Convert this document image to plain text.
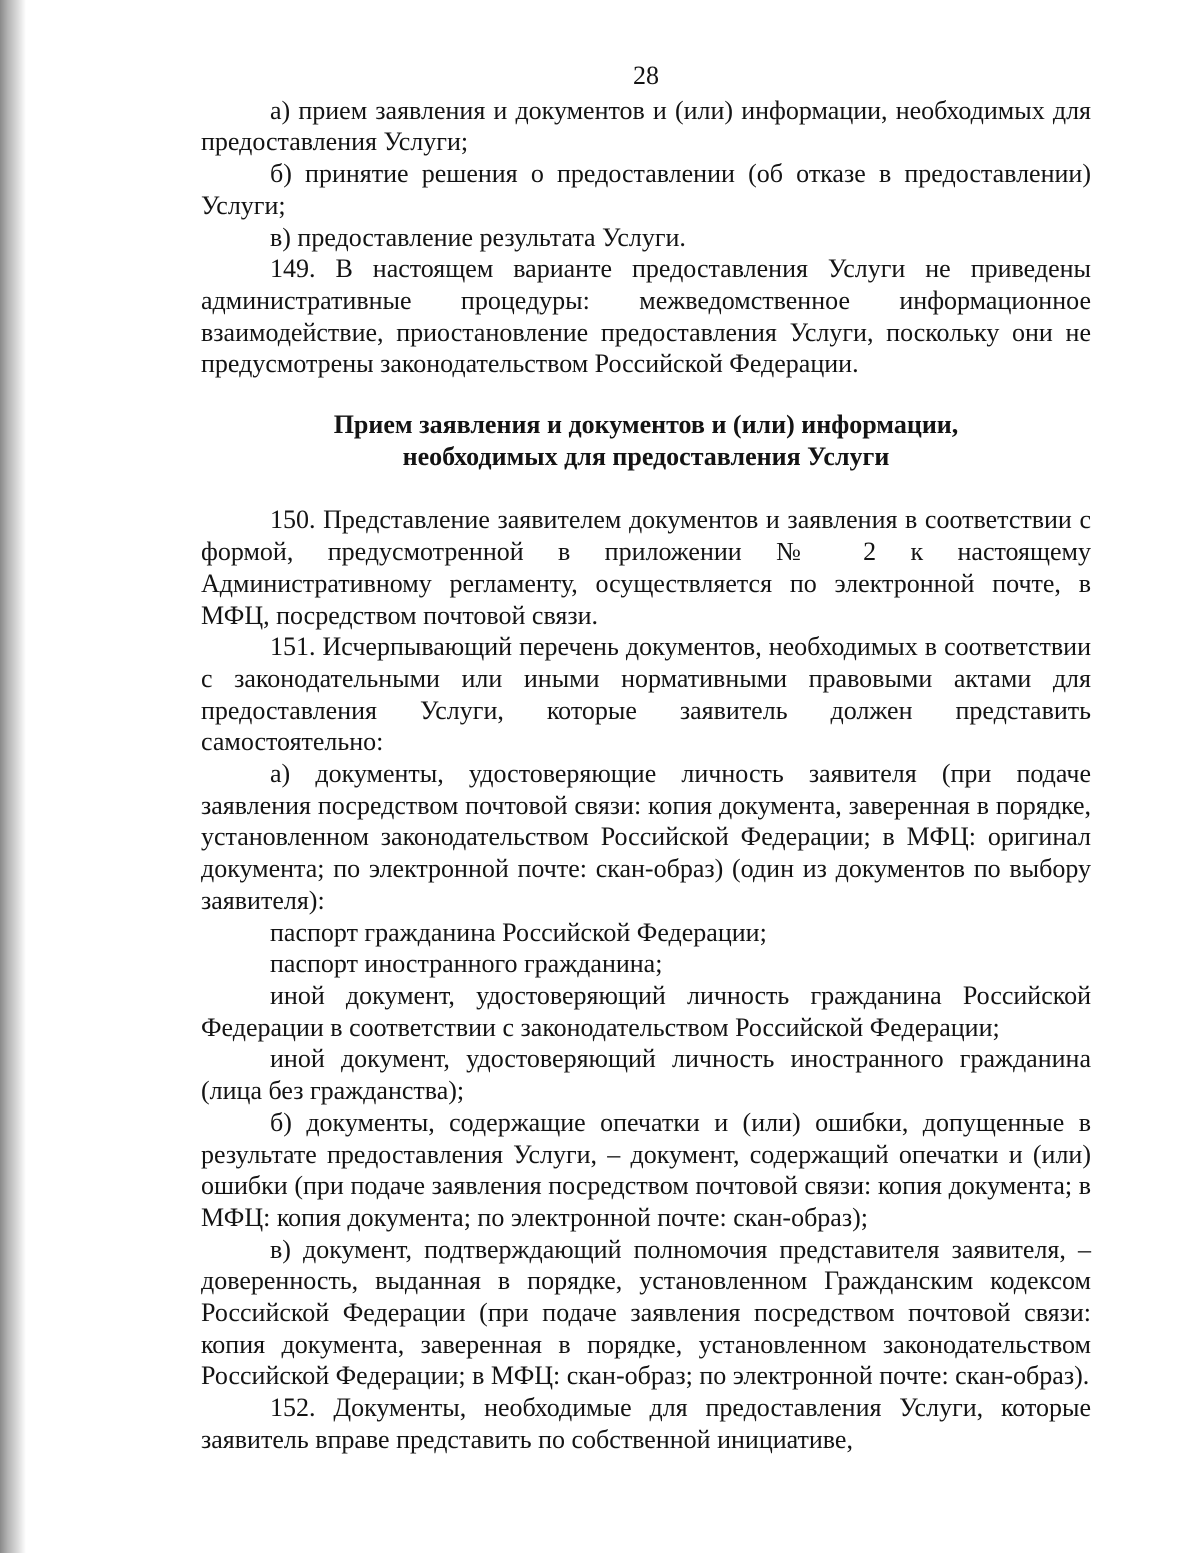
28

а) прием заявления и документов и (или) информации, необходимых для предоставления Услуги;

б) принятие решения о предоставлении (об отказе в предоставлении) Услуги;

в) предоставление результата Услуги.

149. В настоящем варианте предоставления Услуги не приведены административные процедуры: межведомственное информационное взаимодействие, приостановление предоставления Услуги, поскольку они не предусмотрены законодательством Российской Федерации.

Прием заявления и документов и (или) информации,
необходимых для предоставления Услуги

150. Представление заявителем документов и заявления в соответствии с формой, предусмотренной в приложении № 2 к настоящему Административному регламенту, осуществляется по электронной почте, в МФЦ, посредством почтовой связи.

151. Исчерпывающий перечень документов, необходимых в соответствии с законодательными или иными нормативными правовыми актами для предоставления Услуги, которые заявитель должен представить самостоятельно:

а) документы, удостоверяющие личность заявителя (при подаче заявления посредством почтовой связи: копия документа, заверенная в порядке, установленном законодательством Российской Федерации; в МФЦ: оригинал документа; по электронной почте: скан-образ) (один из документов по выбору заявителя):

паспорт гражданина Российской Федерации;

паспорт иностранного гражданина;

иной документ, удостоверяющий личность гражданина Российской Федерации в соответствии с законодательством Российской Федерации;

иной документ, удостоверяющий личность иностранного гражданина (лица без гражданства);

б) документы, содержащие опечатки и (или) ошибки, допущенные в результате предоставления Услуги, – документ, содержащий опечатки и (или) ошибки (при подаче заявления посредством почтовой связи: копия документа; в МФЦ: копия документа; по электронной почте: скан-образ);

в) документ, подтверждающий полномочия представителя заявителя, – доверенность, выданная в порядке, установленном Гражданским кодексом Российской Федерации (при подаче заявления посредством почтовой связи: копия документа, заверенная в порядке, установленном законодательством Российской Федерации; в МФЦ: скан-образ; по электронной почте: скан-образ).

152. Документы, необходимые для предоставления Услуги, которые заявитель вправе представить по собственной инициативе,
